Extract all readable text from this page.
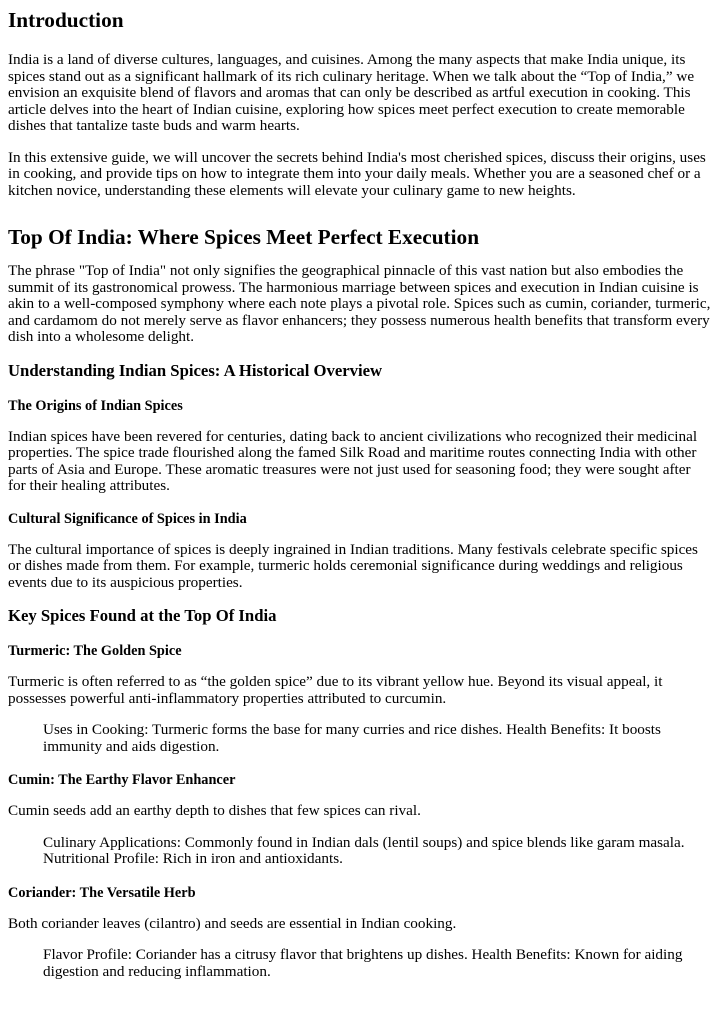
Introduction

India is a land of diverse cultures, languages, and cuisines. Among the many aspects that make India unique, its spices stand out as a significant hallmark of its rich culinary heritage. When we talk about the “Top of India,” we envision an exquisite blend of flavors and aromas that can only be described as artful execution in cooking. This article delves into the heart of Indian cuisine, exploring how spices meet perfect execution to create memorable dishes that tantalize taste buds and warm hearts.

In this extensive guide, we will uncover the secrets behind India's most cherished spices, discuss their origins, uses in cooking, and provide tips on how to integrate them into your daily meals. Whether you are a seasoned chef or a kitchen novice, understanding these elements will elevate your culinary game to new heights.

Top Of India: Where Spices Meet Perfect Execution

The phrase "Top of India" not only signifies the geographical pinnacle of this vast nation but also embodies the summit of its gastronomical prowess. The harmonious marriage between spices and execution in Indian cuisine is akin to a well-composed symphony where each note plays a pivotal role. Spices such as cumin, coriander, turmeric, and cardamom do not merely serve as flavor enhancers; they possess numerous health benefits that transform every dish into a wholesome delight.

Understanding Indian Spices: A Historical Overview
The Origins of Indian Spices

Indian spices have been revered for centuries, dating back to ancient civilizations who recognized their medicinal properties. The spice trade flourished along the famed Silk Road and maritime routes connecting India with other parts of Asia and Europe. These aromatic treasures were not just used for seasoning food; they were sought after for their healing attributes.

Cultural Significance of Spices in India

The cultural importance of spices is deeply ingrained in Indian traditions. Many festivals celebrate specific spices or dishes made from them. For example, turmeric holds ceremonial significance during weddings and religious events due to its auspicious properties.

Key Spices Found at the Top Of India
Turmeric: The Golden Spice

Turmeric is often referred to as “the golden spice” due to its vibrant yellow hue. Beyond its visual appeal, it possesses powerful anti-inflammatory properties attributed to curcumin.

Uses in Cooking: Turmeric forms the base for many curries and rice dishes. Health Benefits: It boosts immunity and aids digestion.
Cumin: The Earthy Flavor Enhancer

Cumin seeds add an earthy depth to dishes that few spices can rival.

Culinary Applications: Commonly found in Indian dals (lentil soups) and spice blends like garam masala. Nutritional Profile: Rich in iron and antioxidants.
Coriander: The Versatile Herb

Both coriander leaves (cilantro) and seeds are essential in Indian cooking.

Flavor Profile: Coriander has a citrusy flavor that brightens up dishes. Health Benefits: Known for aiding digestion and reducing inflammation.
